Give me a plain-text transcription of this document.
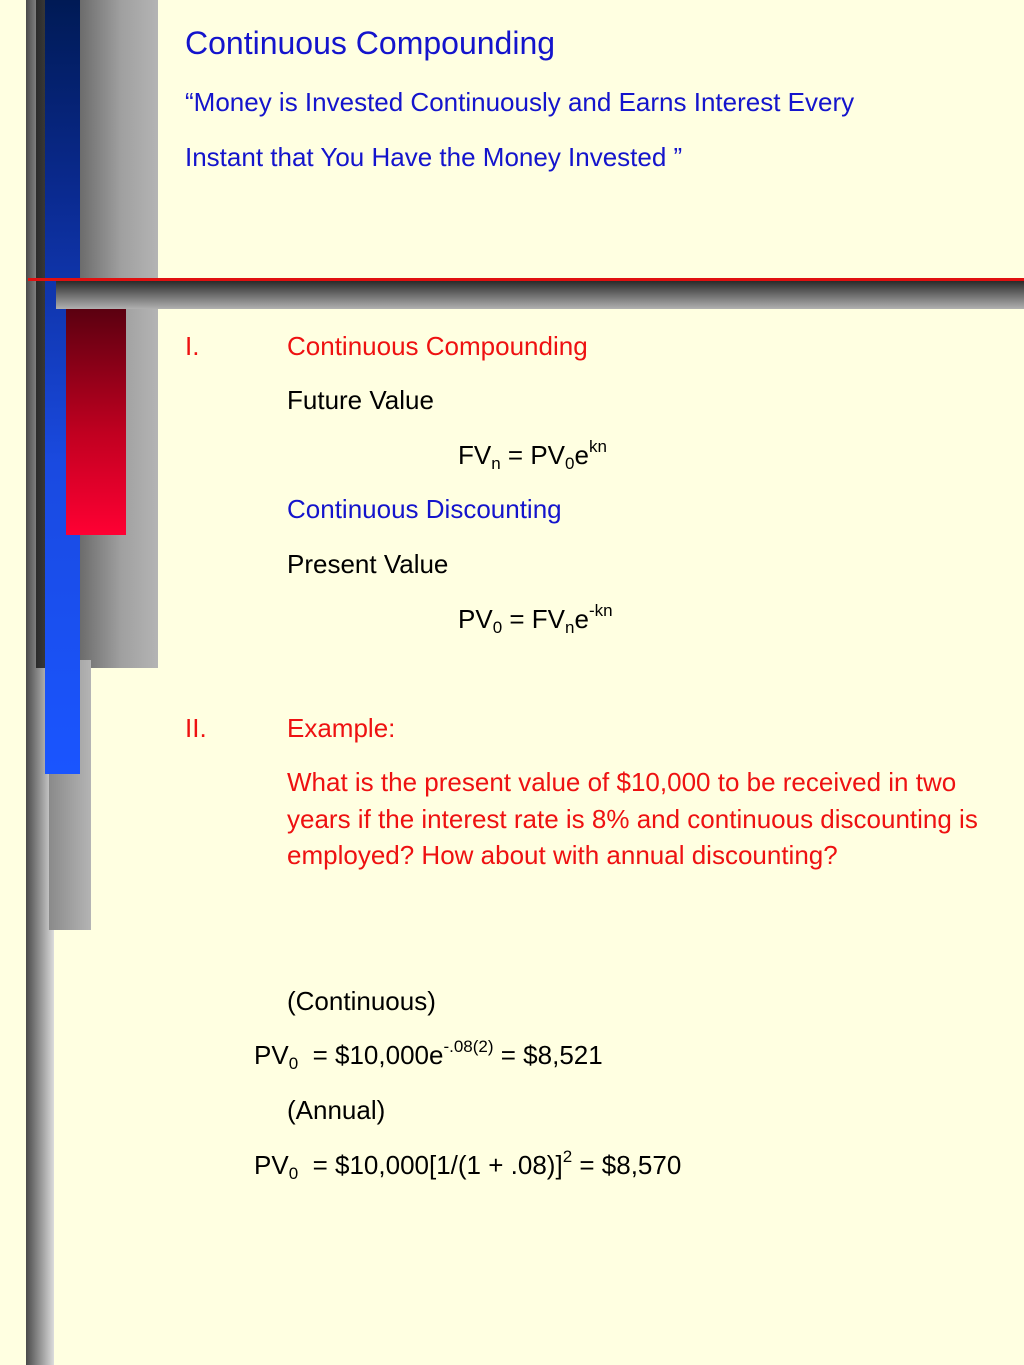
Continuous Compounding
“Money is Invested Continuously and Earns Interest Every
Instant that You Have the Money Invested ”
I.	Continuous Compounding
Future Value
$FV_n = PV_0e^{kn}$
Continuous Discounting
Present Value
$PV_0 = FV_ne^{-kn}$
II.	Example:
What is the present value of $10,000 to be received in two years if the interest rate is 8% and continuous discounting is employed? How about with annual discounting?
(Continuous)
$PV_0$  = $\$10,000e^{-.08(2)}$ = $8,521
(Annual)
$PV_0$  = $10,000[1/(1 + .08)]$^2$ = $8,570
